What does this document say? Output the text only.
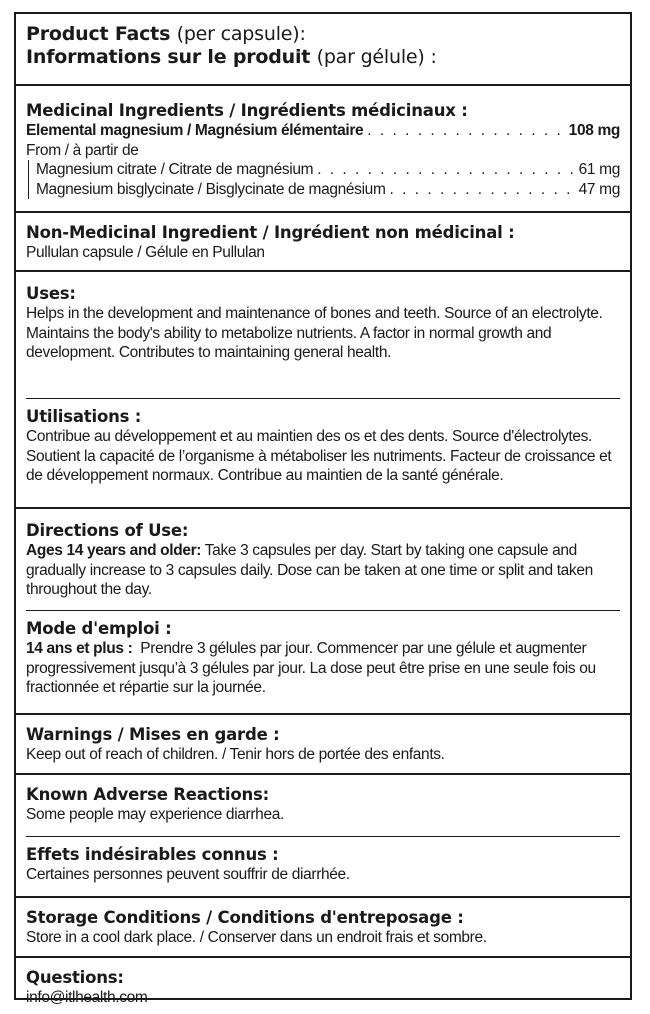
Product Facts (per capsule):
Informations sur le produit (par gélule) :
Medicinal Ingredients / Ingrédients médicinaux :
Elemental magnesium / Magnésium élémentaire . . .	108 mg
From / à partir de
Magnesium citrate / Citrate de magnésium . . .	61 mg
Magnesium bisglycinate / Bisglycinate de magnésium . . .	47 mg
Non-Medicinal Ingredient / Ingrédient non médicinal :
Pullulan capsule / Gélule en Pullulan
Uses:
Helps in the development and maintenance of bones and teeth. Source of an electrolyte. Maintains the body's ability to metabolize nutrients. A factor in normal growth and development. Contributes to maintaining general health.
Utilisations :
Contribue au développement et au maintien des os et des dents. Source d'électrolytes. Soutient la capacité de l’organisme à métaboliser les nutriments. Facteur de croissance et de développement normaux. Contribue au maintien de la santé générale.
Directions of Use:
Ages 14 years and older: Take 3 capsules per day. Start by taking one capsule and gradually increase to 3 capsules daily. Dose can be taken at one time or split and taken throughout the day.
Mode d'emploi :
14 ans et plus :  Prendre 3 gélules par jour. Commencer par une gélule et augmenter progressivement jusqu’à 3 gélules par jour. La dose peut être prise en une seule fois ou fractionnée et répartie sur la journée.
Warnings / Mises en garde :
Keep out of reach of children. / Tenir hors de portée des enfants.
Known Adverse Reactions:
Some people may experience diarrhea.
Effets indésirables connus :
Certaines personnes peuvent souffrir de diarrhée.
Storage Conditions / Conditions d'entreposage :
Store in a cool dark place. / Conserver dans un endroit frais et sombre.
Questions:
info@itlhealth.com
